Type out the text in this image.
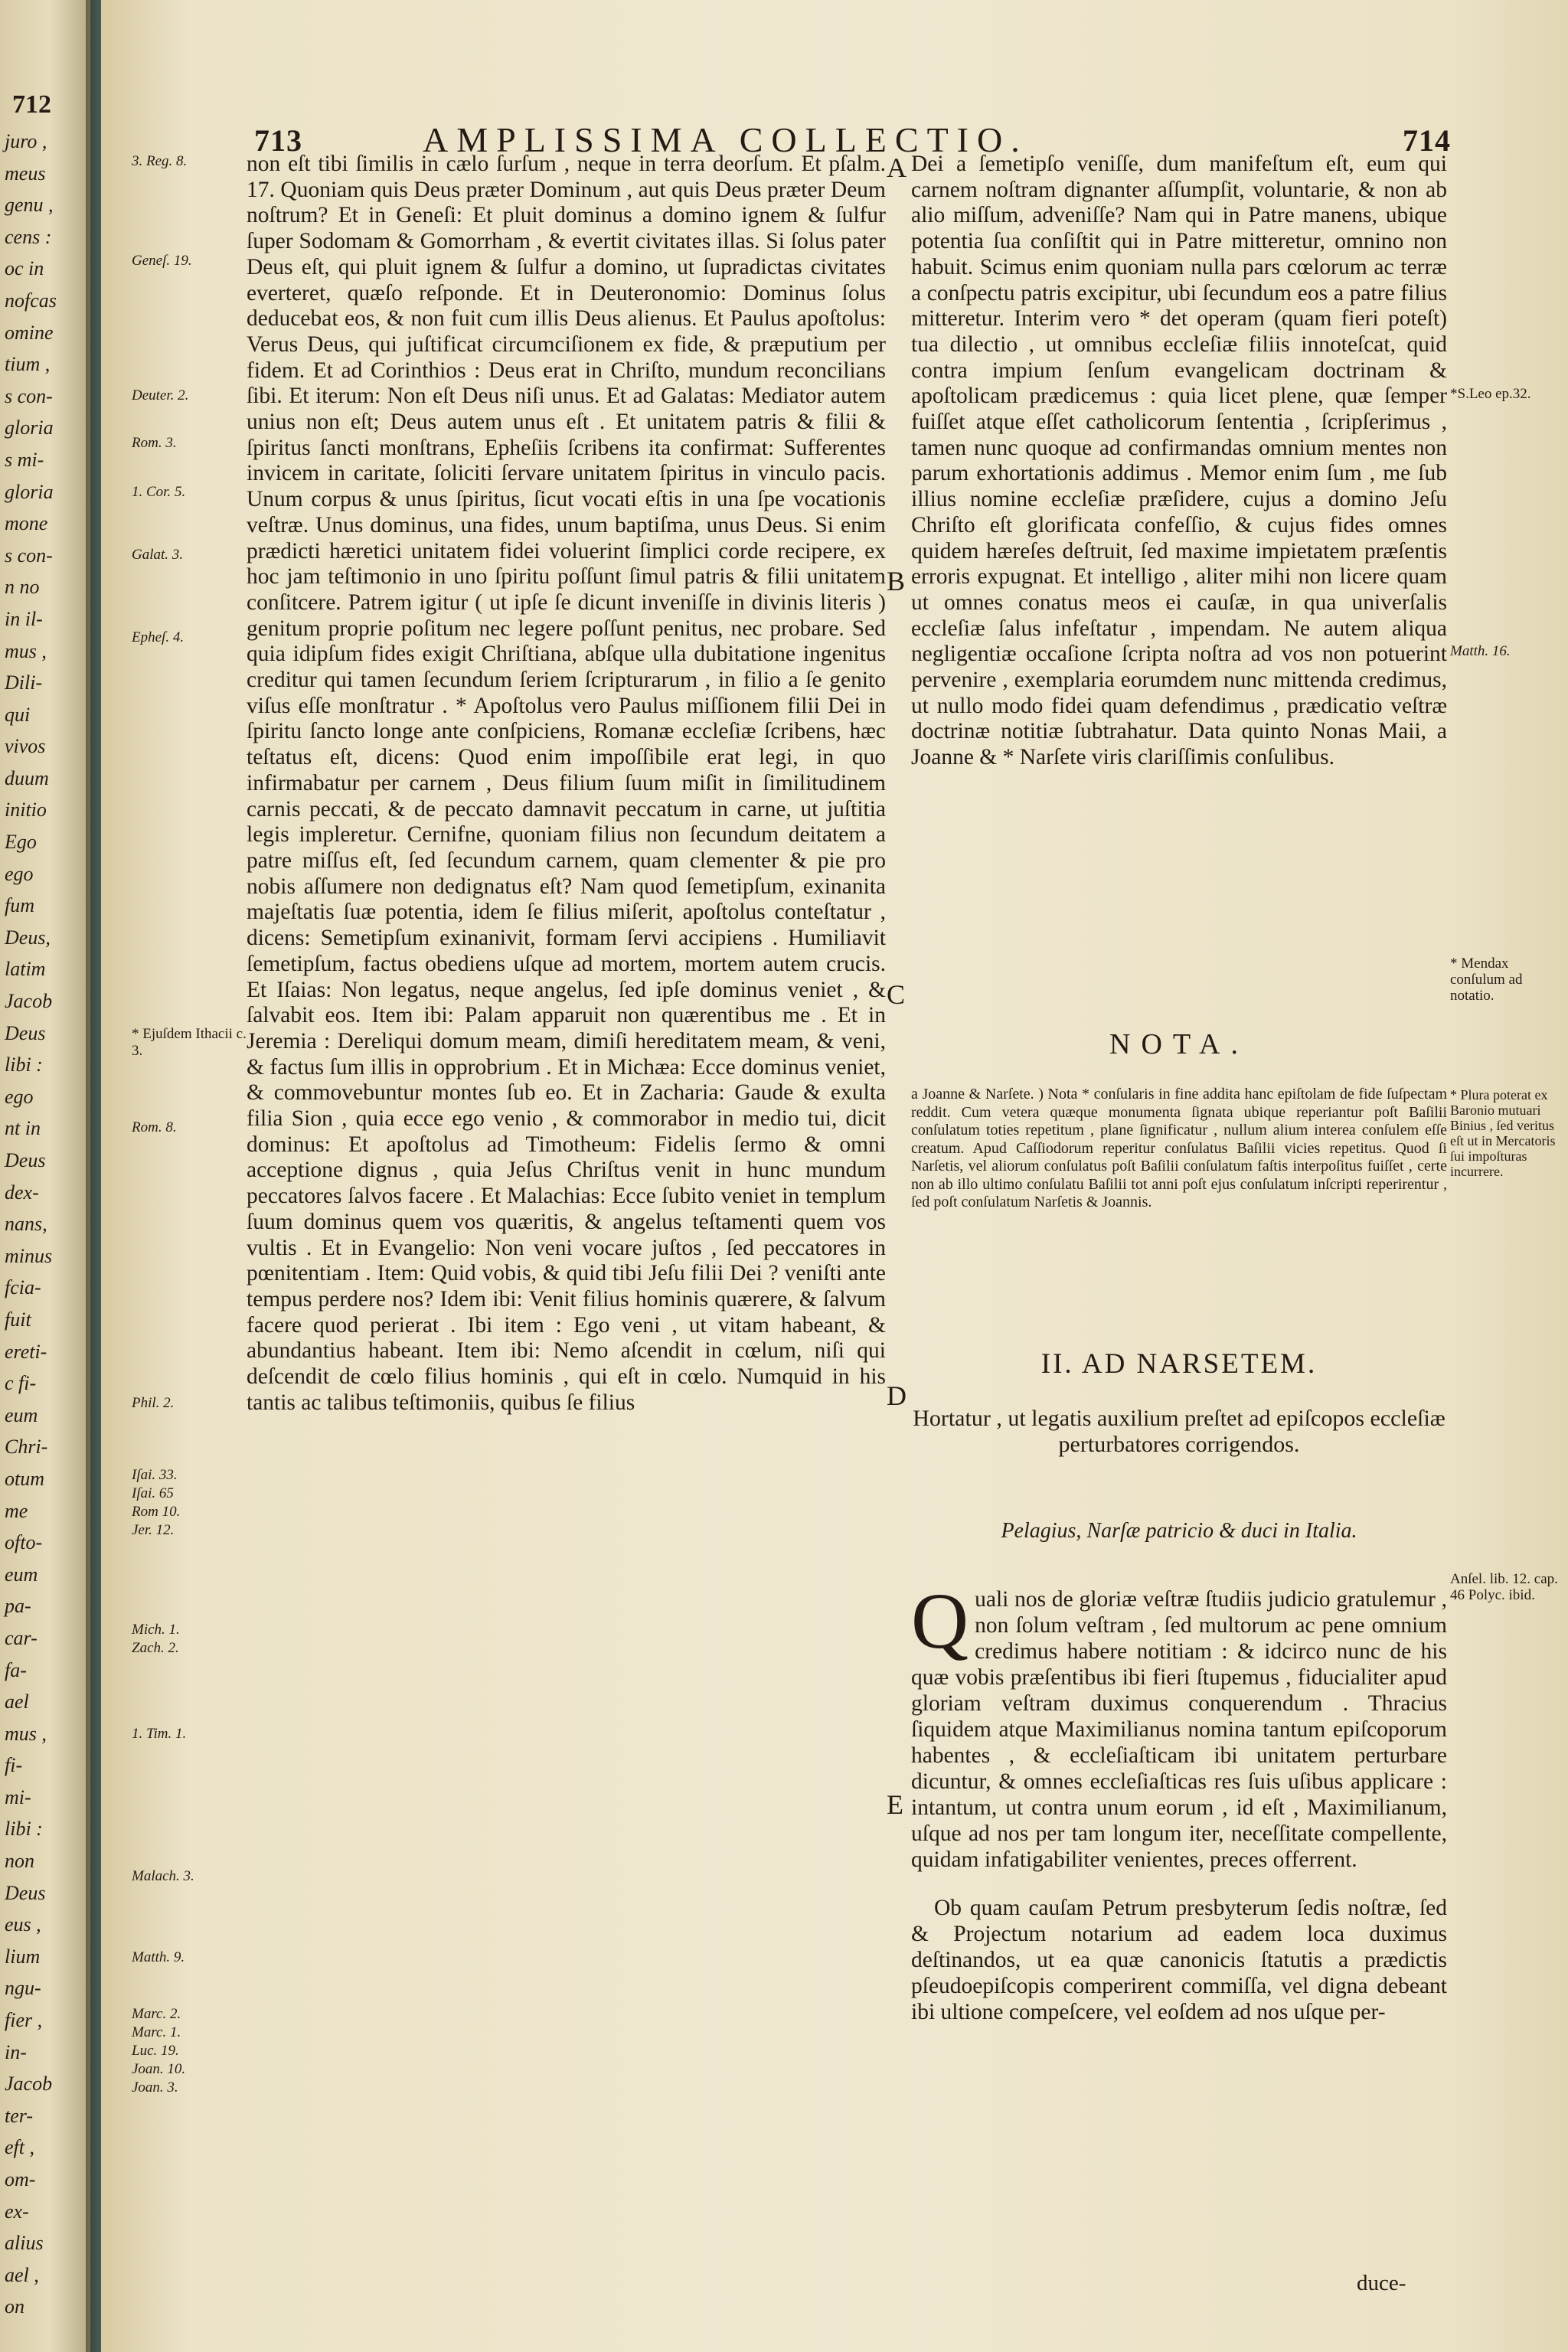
712
juro ,
meus
genu ,
cens :
oc in
nofcas
omine
tium ,
s con-
gloria
s mi-
gloria
mone
s con-
n no
in il-
mus ,
Dili-
qui
vivos
duum
initio
Ego
ego
fum
Deus,
latim
Jacob
Deus
libi :
ego
nt in
Deus
dex-
nans,
minus
fcia-
fuit
ereti-
c fi-
eum
Chri-
otum
me
ofto-
eum
pa-
car-
fa-
ael
mus ,
fi-
mi-
libi :
non
Deus
eus ,
lium
ngu-
fier ,
in-
Jacob
ter-
eft ,
om-
ex-
alius
ael ,
on
713	AMPLISSIMA COLLECTIO.	714

non eſt tibi ſimilis in cælo ſurſum , neque in terra deorſum. Et pſalm. 17. Quoniam quis Deus præter Dominum , aut quis Deus præter Deum noſtrum? Et in Geneſi: Et pluit dominus a domino ignem & ſulfur ſuper Sodomam & Gomorrham , & evertit civitates illas. Si ſolus pater Deus eſt, qui pluit ignem & ſulfur a domino, ut ſupradictas civitates everteret, quæſo reſponde. Et in Deuteronomio: Dominus ſolus deducebat eos, & non fuit cum illis Deus alienus. Et Paulus apoſtolus: Verus Deus, qui juſtificat circumciſionem ex fide, & præputium per fidem. Et ad Corinthios : Deus erat in Chriſto, mundum reconcilians ſibi. Et iterum: Non eſt Deus niſi unus. Et ad Galatas: Mediator autem unius non eſt; Deus autem unus eſt . Et unitatem patris & filii & ſpiritus ſancti monſtrans, Epheſiis ſcribens ita confirmat: Sufferentes invicem in caritate, ſoliciti ſervare unitatem ſpiritus in vinculo pacis. Unum corpus & unus ſpiritus, ſicut vocati eſtis in una ſpe vocationis veſtræ. Unus dominus, una fides, unum baptiſma, unus Deus. Si enim prædicti hæretici unitatem fidei voluerint ſimplici corde recipere, ex hoc jam teſtimonio in uno ſpiritu poſſunt ſimul patris & filii unitatem conſitcere. Patrem igitur ( ut ipſe ſe dicunt inveniſſe in divinis literis ) genitum proprie poſitum nec legere poſſunt penitus, nec probare. Sed quia idipſum fides exigit Chriſtiana, abſque ulla dubitatione ingenitus creditur qui tamen ſecundum ſeriem ſcripturarum , in filio a ſe genito viſus eſſe monſtratur . * Apoſtolus vero Paulus miſſionem filii Dei in ſpiritu ſancto longe ante conſpiciens, Romanæ eccleſiæ ſcribens, hæc teſtatus eſt, dicens: Quod enim impoſſibile erat legi, in quo infirmabatur per carnem , Deus filium ſuum miſit in ſimilitudinem carnis peccati, & de peccato damnavit peccatum in carne, ut juſtitia legis impleretur. Cernifne, quoniam filius non ſecundum deitatem a patre miſſus eſt, ſed ſecundum carnem, quam clementer & pie pro nobis aſſumere non dedignatus eſt? Nam quod ſemetipſum, exinanita majeſtatis ſuæ potentia, idem ſe filius miſerit, apoſtolus conteſtatur , dicens: Semetipſum exinanivit, formam ſervi accipiens . Humiliavit ſemetipſum, factus obediens uſque ad mortem, mortem autem crucis. Et Iſaias: Non legatus, neque angelus, ſed ipſe dominus veniet , & ſalvabit eos. Item ibi: Palam apparuit non quærentibus me . Et in Jeremia : Dereliqui domum meam, dimiſi hereditatem meam, & veni, & factus ſum illis in opprobrium . Et in Michæa: Ecce dominus veniet, & commovebuntur montes ſub eo. Et in Zacharia: Gaude & exulta filia Sion , quia ecce ego venio , & commorabor in medio tui, dicit dominus: Et apoſtolus ad Timotheum: Fidelis ſermo & omni acceptione dignus , quia Jeſus Chriſtus venit in hunc mundum peccatores ſalvos facere . Et Malachias: Ecce ſubito veniet in templum ſuum dominus quem vos quæritis, & angelus teſtamenti quem vos vultis . Et in Evangelio: Non veni vocare juſtos , ſed peccatores in pœnitentiam . Item: Quid vobis, & quid tibi Jeſu filii Dei ? veniſti ante tempus perdere nos? Idem ibi: Venit filius hominis quærere, & ſalvum facere quod perierat . Ibi item : Ego veni , ut vitam habeant, & abundantius habeant. Item ibi: Nemo aſcendit in cœlum, niſi qui deſcendit de cœlo filius hominis , qui eſt in cœlo. Numquid in his tantis ac talibus teſtimoniis, quibus ſe filius

3. Reg. 8.
Geneſ. 19.
Deuter. 2.
Rom. 3.
1. Cor. 5.
Galat. 3.
Epheſ. 4.
* Ejuſdem Ithacii c. 3.
Rom. 8.
Phil. 2.
Iſai. 33.
Iſai. 65
Rom 10.
Jer. 12.
Mich. 1.
Zach. 2.
1. Tim. 1.
Malach. 3.
Matth. 9.
Marc. 2.
Marc. 1.
Luc. 19.
Joan. 10.
Joan. 3.
A
B
C
D
E

Dei a ſemetipſo veniſſe, dum manifeſtum eſt, eum qui carnem noſtram dignanter aſſumpſit, voluntarie, & non ab alio miſſum, adveniſſe? Nam qui in Patre manens, ubique potentia ſua conſiſtit qui in Patre mitteretur, omnino non habuit. Scimus enim quoniam nulla pars cœlorum ac terræ a conſpectu patris excipitur, ubi ſecundum eos a patre filius mitteretur. Interim vero * det operam (quam fieri poteſt) tua dilectio , ut omnibus eccleſiæ filiis innoteſcat, quid contra impium ſenſum evangelicam doctrinam & apoſtolicam prædicemus : quia licet plene, quæ ſemper fuiſſet atque eſſet catholicorum ſententia , ſcripſerimus , tamen nunc quoque ad confirmandas omnium mentes non parum exhortationis addimus . Memor enim ſum , me ſub illius nomine eccleſiæ præſidere, cujus a domino Jeſu Chriſto eſt glorificata confeſſio, & cujus fides omnes quidem hæreſes deſtruit, ſed maxime impietatem præſentis erroris expugnat. Et intelligo , aliter mihi non licere quam ut omnes conatus meos ei cauſæ, in qua univerſalis eccleſiæ ſalus infeſtatur , impendam. Ne autem aliqua negligentiæ occaſione ſcripta noſtra ad vos non potuerint pervenire , exemplaria eorumdem nunc mittenda credimus, ut nullo modo fidei quam defendimus , prædicatio veſtræ doctrinæ notitiæ ſubtrahatur. Data quinto Nonas Maii, a Joanne & * Narſete viris clariſſimis conſulibus.

*S.Leo ep.32.
Matth. 16.
* Mendax conſulum ad notatio.
* Plura poterat ex Baronio mutuari Binius , ſed veritus eſt ut in Mercatoris ſui impoſturas incurrere.
Anſel. lib. 12. cap. 46 Polyc. ibid.
NOTA.
a Joanne & Narſete. ) Nota * conſularis in fine addita hanc epiſtolam de fide ſuſpectam reddit. Cum vetera quæque monumenta ſignata ubique reperiantur poſt Baſilii conſulatum toties repetitum , plane ſignificatur , nullum alium interea conſulem eſſe creatum. Apud Caſſiodorum reperitur conſulatus Baſilii vicies repetitus. Quod ſi Narſetis, vel aliorum conſulatus poſt Baſilii conſulatum faſtis interpoſitus fuiſſet , certe non ab illo ultimo conſulatu Baſilii tot anni poſt ejus conſulatum inſcripti reperirentur , ſed poſt conſulatum Narſetis & Joannis.
II. AD NARSETEM.
Hortatur , ut legatis auxilium preſtet ad epiſcopos eccleſiæ perturbatores corrigendos.
Pelagius, Narſæ patricio & duci in Italia.

Quali nos de gloriæ veſtræ ſtudiis judicio gratulemur , non ſolum veſtram , ſed multorum ac pene omnium credimus habere notitiam : & idcirco nunc de his quæ vobis præſentibus ibi fieri ſtupemus , fiducialiter apud gloriam veſtram duximus conquerendum . Thracius ſiquidem atque Maximilianus nomina tantum epiſcoporum habentes , & eccleſiaſticam ibi unitatem perturbare dicuntur, & omnes eccleſiaſticas res ſuis uſibus applicare : intantum, ut contra unum eorum , id eſt , Maximilianum, uſque ad nos per tam longum iter, neceſſitate compellente, quidam infatigabiliter venientes, preces offerrent.

Ob quam cauſam Petrum presbyterum ſedis noſtræ, ſed & Projectum notarium ad eadem loca duximus deſtinandos, ut ea quæ canonicis ſtatutis a prædictis pſeudoepiſcopis comperirent commiſſa, vel digna debeant ibi ultione compeſcere, vel eoſdem ad nos uſque per-

duce-
